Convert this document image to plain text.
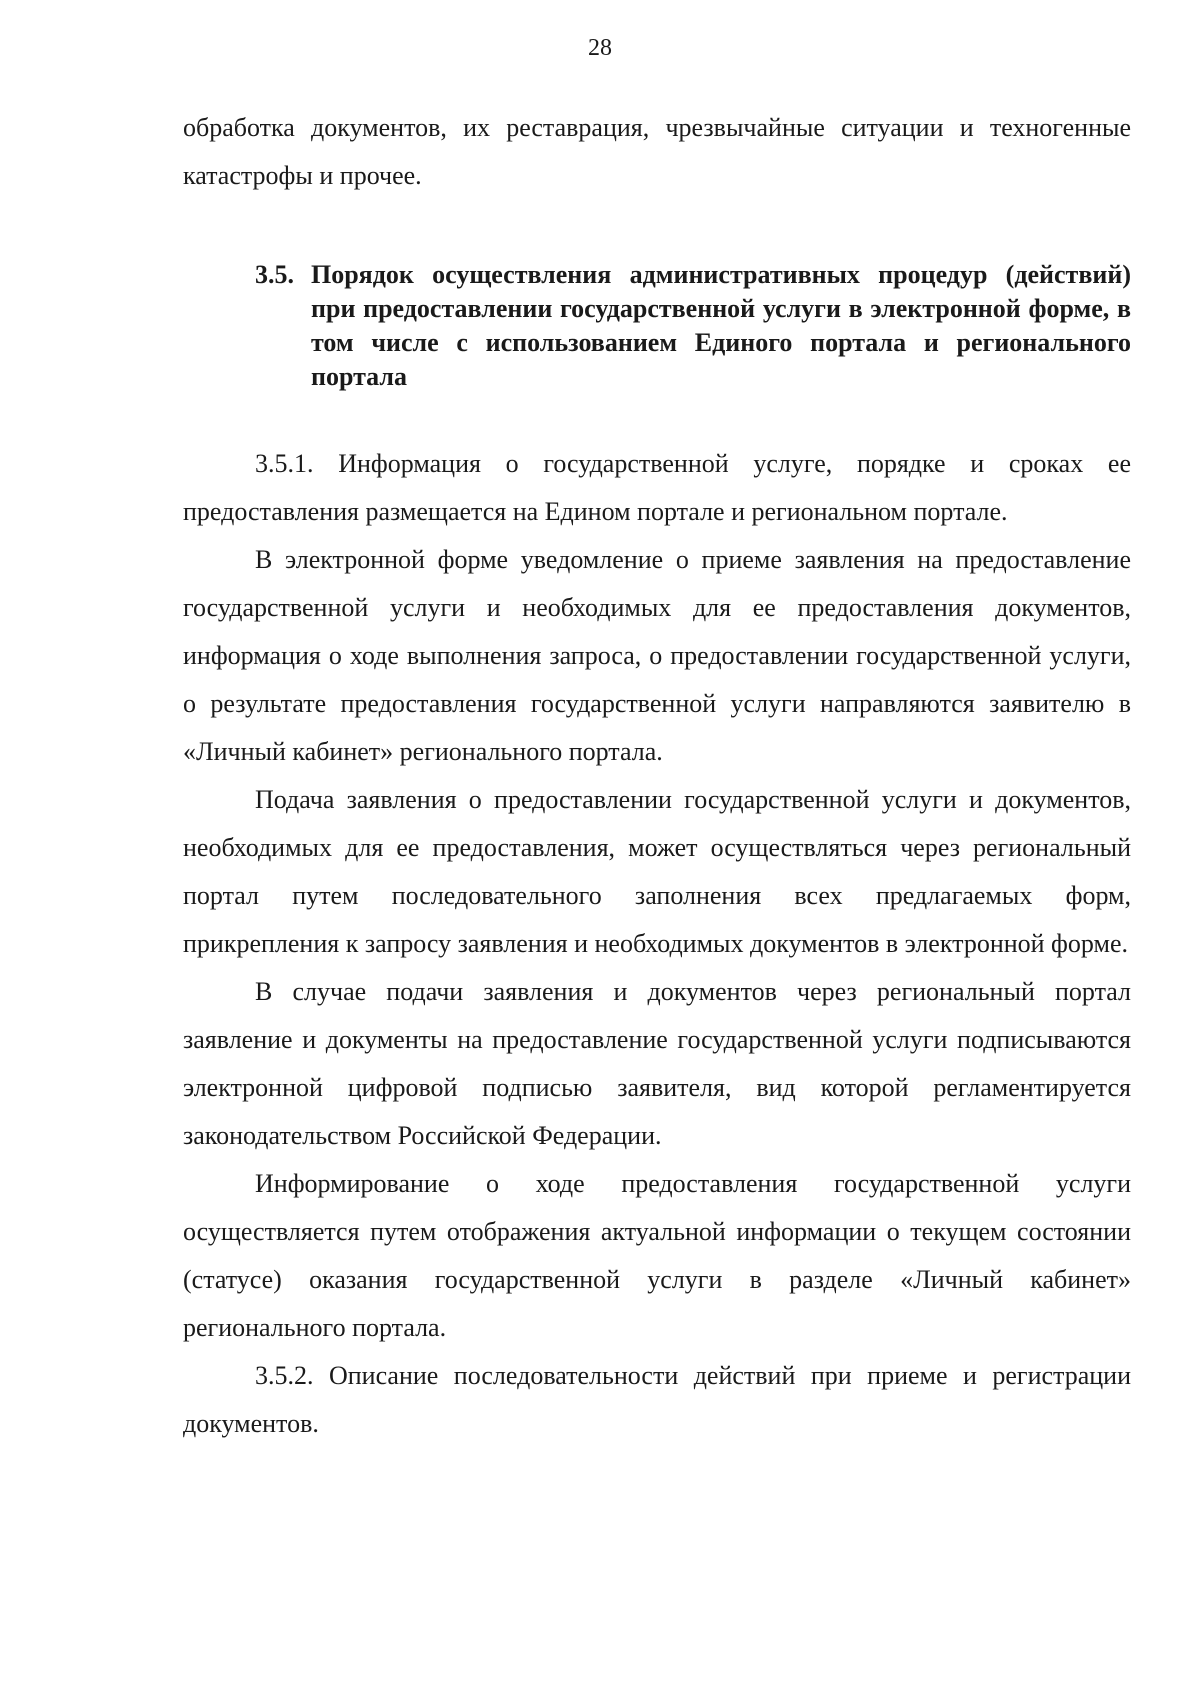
28

обработка документов, их реставрация, чрезвычайные ситуации и техногенные катастрофы и прочее.

3.5. Порядок осуществления административных процедур (действий) при предоставлении государственной услуги в электронной форме, в том числе с использованием Единого портала и регионального портала

3.5.1. Информация о государственной услуге, порядке и сроках ее предоставления размещается на Едином портале и региональном портале.

В электронной форме уведомление о приеме заявления на предоставление государственной услуги и необходимых для ее предоставления документов, информация о ходе выполнения запроса, о предоставлении государственной услуги, о результате предоставления государственной услуги направляются заявителю в «Личный кабинет» регионального портала.

Подача заявления о предоставлении государственной услуги и документов, необходимых для ее предоставления, может осуществляться через региональный портал путем последовательного заполнения всех предлагаемых форм, прикрепления к запросу заявления и необходимых документов в электронной форме.

В случае подачи заявления и документов через региональный портал заявление и документы на предоставление государственной услуги подписываются электронной цифровой подписью заявителя, вид которой регламентируется законодательством Российской Федерации.

Информирование о ходе предоставления государственной услуги осуществляется путем отображения актуальной информации о текущем состоянии (статусе) оказания государственной услуги в разделе «Личный кабинет» регионального портала.

3.5.2. Описание последовательности действий при приеме и регистрации документов.
